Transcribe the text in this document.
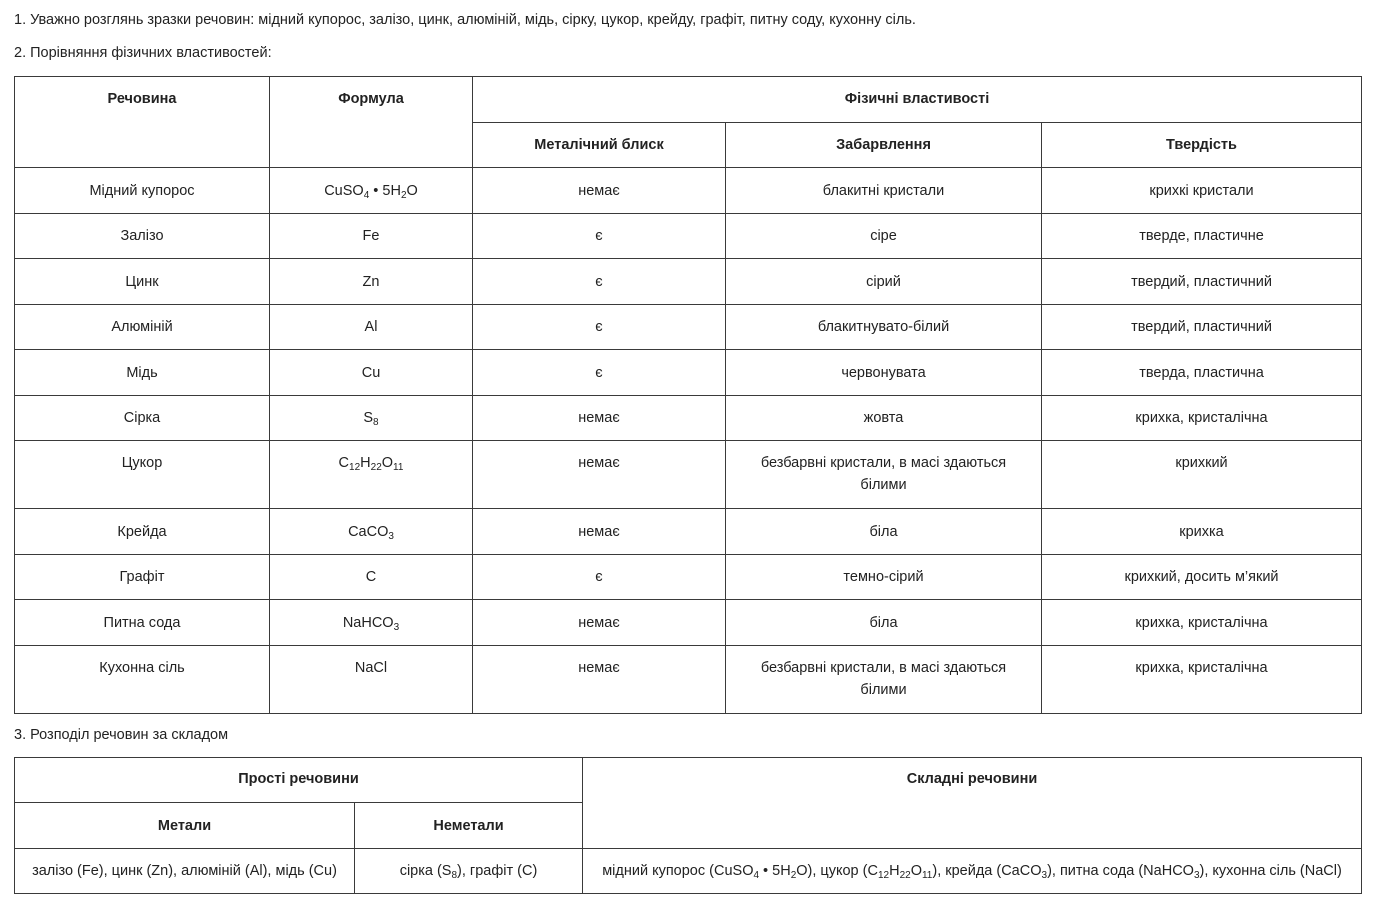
1. Уважно розглянь зразки речовин: мідний купорос, залізо, цинк, алюміній, мідь, сірку, цукор, крейду, графіт, питну соду, кухонну сіль.

2. Порівняння фізичних властивостей:

Речовина	Формула	Фізичні властивості		
		Металічний блиск	Забарвлення	Твердість
Мідний купорос	CuSO$_4$ • $5H_2O$	немає	блакитні кристали	крихкі кристали
Залізо	Fe	є	сіре	тверде, пластичне
Цинк	Zn	є	сірий	твердий, пластичний
Алюміній	Al	є	блакитнувато-білий	твердий, пластичний
Мідь	Cu	є	червонувата	тверда, пластична
Сірка	$S_8$	немає	жовта	крихка, кристалічна
Цукор	$C_{12}H_{22}O_{11}$	немає	безбарвні кристали, в масі здаються білими	крихкий
Крейда	CaCO$_3$	немає	біла	крихка
Графіт	C	є	темно-сірий	крихкий, досить м’який
Питна сода	NaHCO$_3$	немає	біла	крихка, кристалічна
Кухонна сіль	NaCl	немає	безбарвні кристали, в масі здаються білими	крихка, кристалічна

3. Розподіл речовин за складом

Прості речовини		Складні речовини
Метали	Неметали	
залізо (Fe), цинк (Zn), алюміній (Al), мідь (Cu)	сірка $(S_8)$, графіт (C)	мідний купорос (CuSO$_4$ • $5H_2O$), цукор $(C_{12}H_{22}O_{11})$, крейда (CaCO$_3$), питна сода (NaHCO$_3$), кухонна сіль (NaCl)
